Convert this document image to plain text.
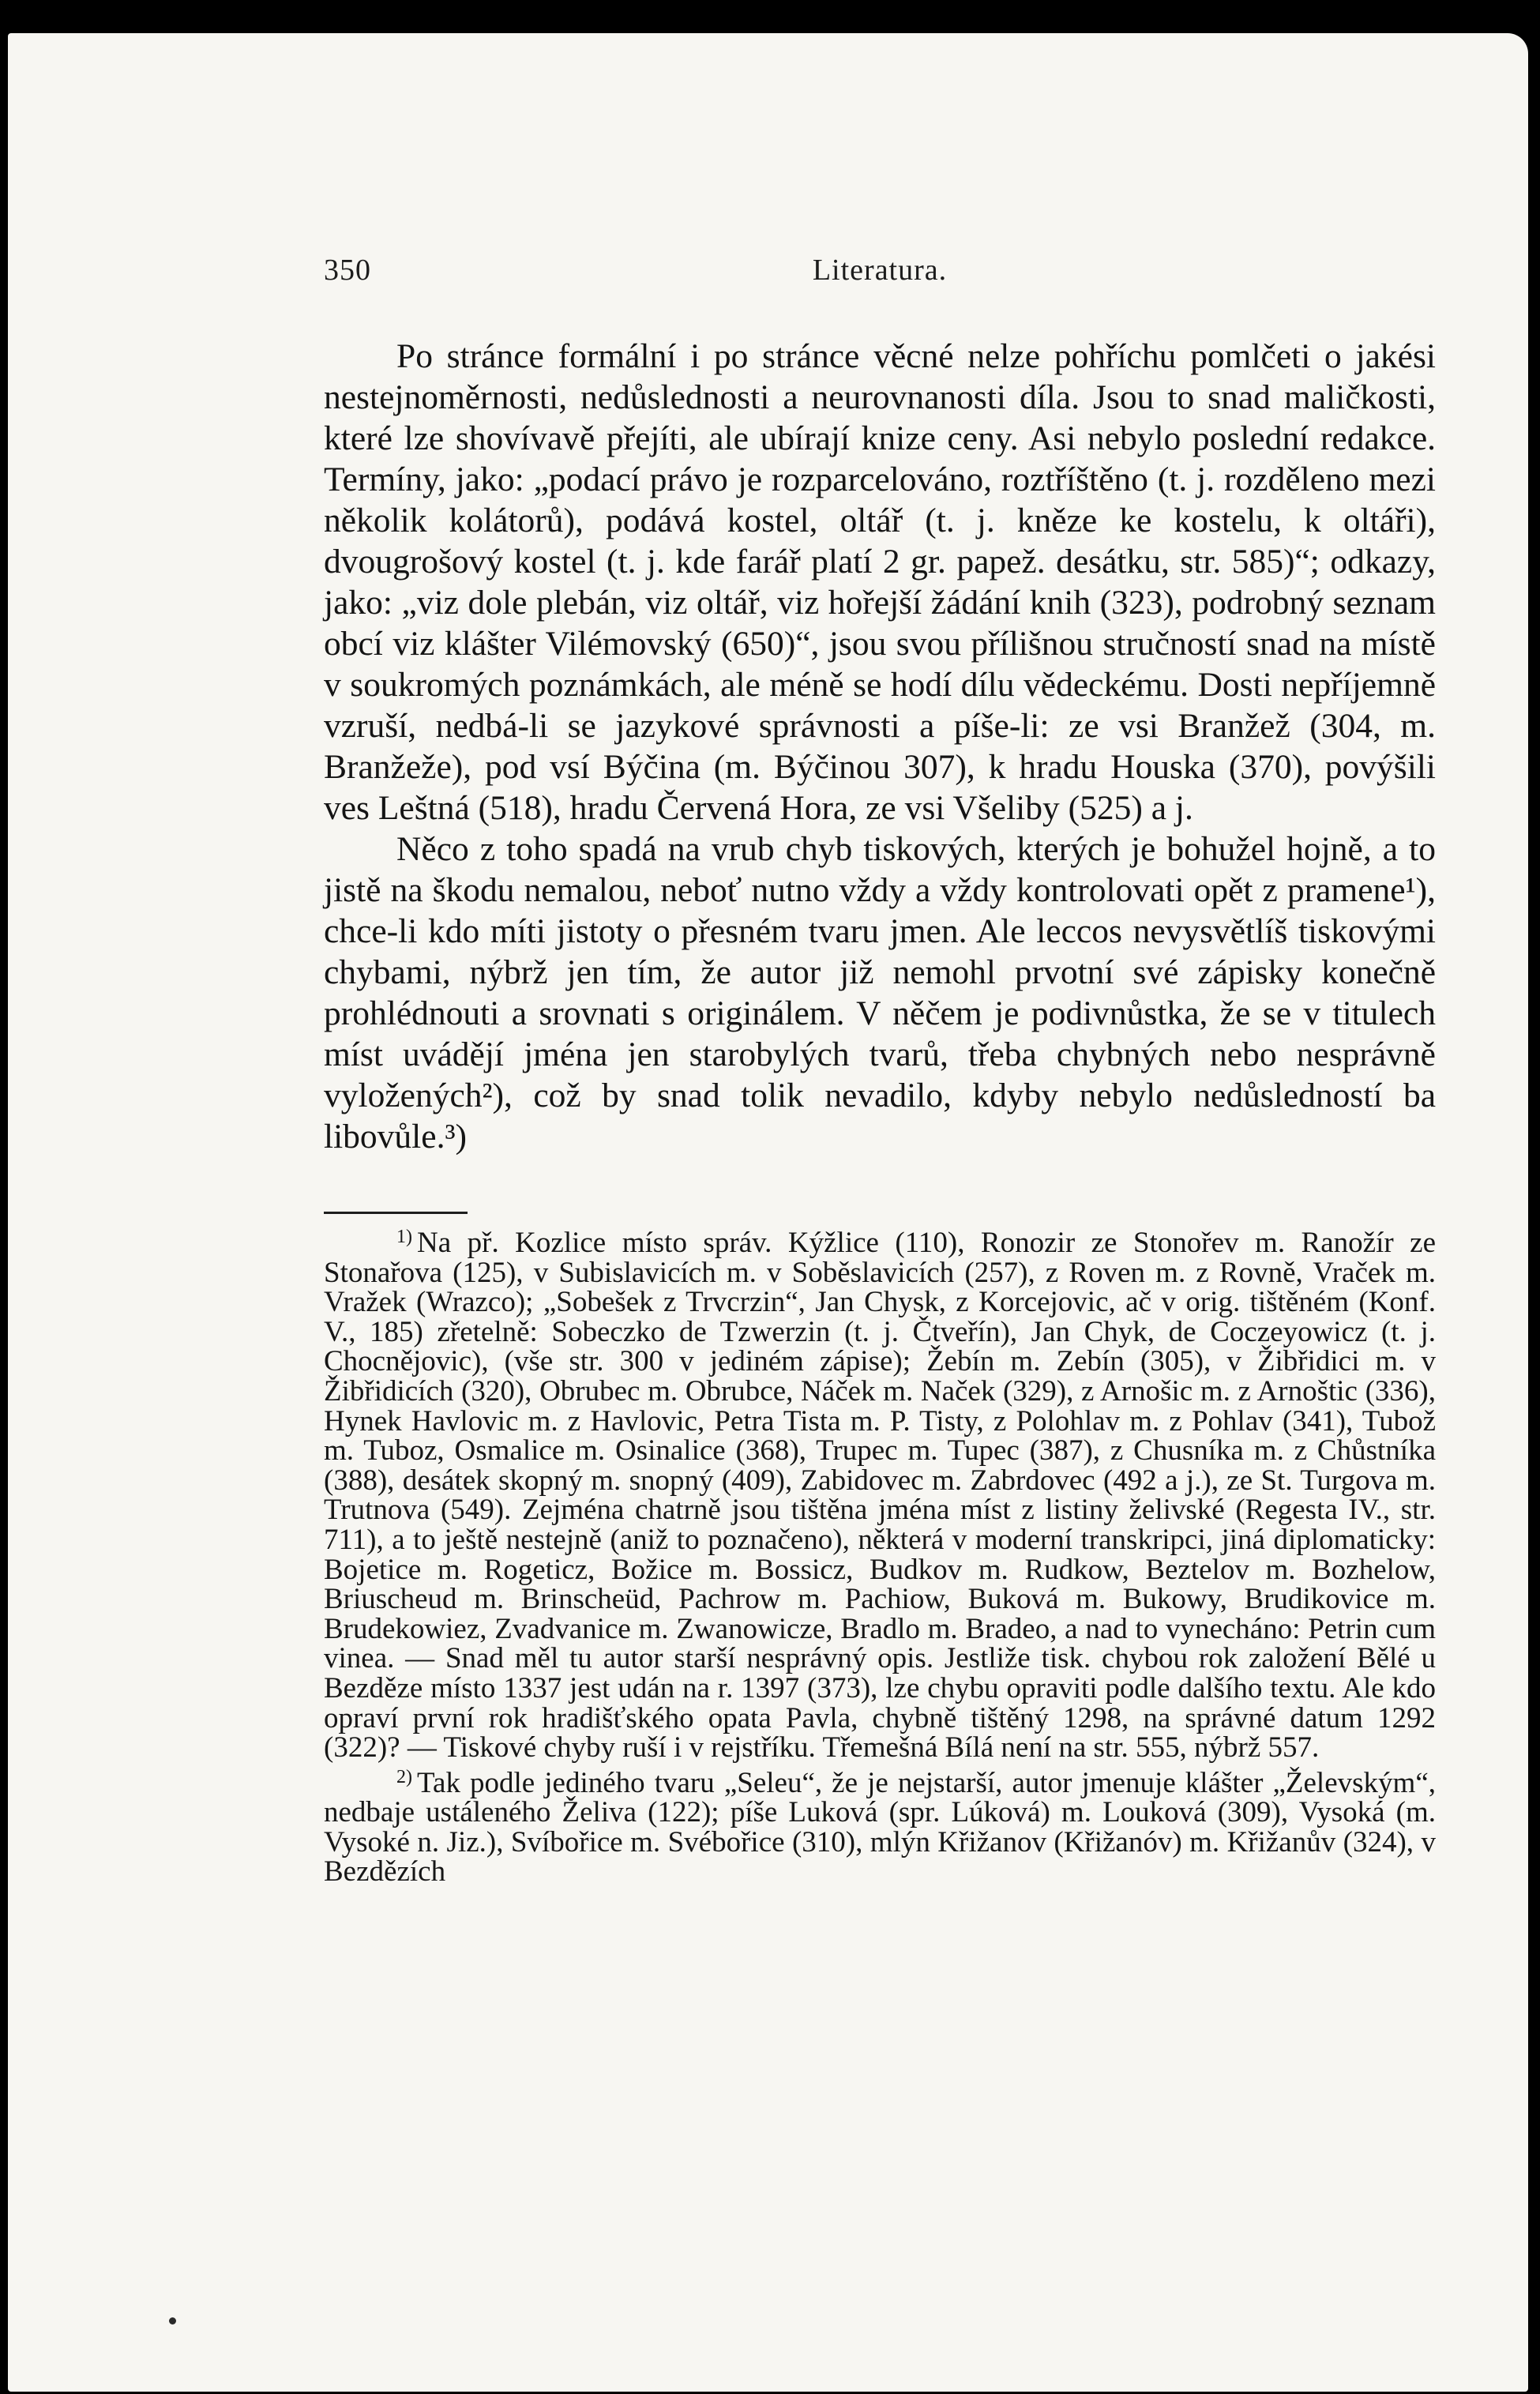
350	Literatura.

Po stránce formální i po stránce věcné nelze pohříchu pomlčeti o jakési nestejnoměrnosti, nedůslednosti a neurovnanosti díla. Jsou to snad maličkosti, které lze shovívavě přejíti, ale ubírají knize ceny. Asi nebylo poslední redakce. Termíny, jako: „podací právo je rozparcelováno, roztříštěno (t. j. rozděleno mezi několik kolátorů), podává kostel, oltář (t. j. kněze ke kostelu, k oltáři), dvougrošový kostel (t. j. kde farář platí 2 gr. papež. desátku, str. 585)“; odkazy, jako: „viz dole plebán, viz oltář, viz hořejší žádání knih (323), podrobný seznam obcí viz klášter Vilémovský (650)“, jsou svou přílišnou stručností snad na místě v soukromých poznámkách, ale méně se hodí dílu vědeckému. Dosti nepříjemně vzruší, nedbá-li se jazykové správnosti a píše-li: ze vsi Branžež (304, m. Branžeže), pod vsí Býčina (m. Býčinou 307), k hradu Houska (370), povýšili ves Leštná (518), hradu Červená Hora, ze vsi Všeliby (525) a j.

Něco z toho spadá na vrub chyb tiskových, kterých je bohužel hojně, a to jistě na škodu nemalou, neboť nutno vždy a vždy kontrolovati opět z pramene¹), chce-li kdo míti jistoty o přesném tvaru jmen. Ale leccos nevysvětlíš tiskovými chybami, nýbrž jen tím, že autor již nemohl prvotní své zápisky konečně prohlédnouti a srovnati s originálem. V něčem je podivnůstka, že se v titulech míst uvádějí jména jen starobylých tvarů, třeba chybných nebo nesprávně vyložených²), což by snad tolik nevadilo, kdyby nebylo nedůsledností ba libovůle.³)

$^{1)}$ Na př. Kozlice místo správ. Kýžlice (110), Ronozir ze Stonořev m. Ranožír ze Stonařova (125), v Subislavicích m. v Soběslavicích (257), z Roven m. z Rovně, Vraček m. Vražek (Wrazco); „Sobešek z Trvcrzin“, Jan Chysk, z Korcejovic, ač v orig. tištěném (Konf. V., 185) zřetelně: Sobeczko de Tzwerzin (t. j. Čtveřín), Jan Chyk, de Coczeyowicz (t. j. Chocnějovic), (vše str. 300 v jediném zápise); Žebín m. Zebín (305), v Žibřidici m. v Žibřidicích (320), Obrubec m. Obrubce, Náček m. Naček (329), z Arnošic m. z Arnoštic (336), Hynek Havlovic m. z Havlovic, Petra Tista m. P. Tisty, z Polohlav m. z Pohlav (341), Tubož m. Tuboz, Osmalice m. Osinalice (368), Trupec m. Tupec (387), z Chusníka m. z Chůstníka (388), desátek skopný m. snopný (409), Zabidovec m. Zabrdovec (492 a j.), ze St. Turgova m. Trutnova (549). Zejména chatrně jsou tištěna jména míst z listiny želivské (Regesta IV., str. 711), a to ještě nestejně (aniž to poznačeno), některá v moderní transkripci, jiná diplomaticky: Bojetice m. Rogeticz, Božice m. Bossicz, Budkov m. Rudkow, Beztelov m. Bozhelow, Briuscheud m. Brinscheüd, Pachrow m. Pachiow, Buková m. Bukowy, Brudikovice m. Brudekowiez, Zvadvanice m. Zwanowicze, Bradlo m. Bradeo, a nad to vynecháno: Petrin cum vinea. — Snad měl tu autor starší nesprávný opis. Jestliže tisk. chybou rok založení Bělé u Bezděze místo 1337 jest udán na r. 1397 (373), lze chybu opraviti podle dalšího textu. Ale kdo opraví první rok hradišťského opata Pavla, chybně tištěný 1298, na správné datum 1292 (322)? — Tiskové chyby ruší i v rejstříku. Třemešná Bílá není na str. 555, nýbrž 557.

$^{2)}$ Tak podle jediného tvaru „Seleu“, že je nejstarší, autor jmenuje klášter „Želevským“, nedbaje ustáleného Želiva (122); píše Luková (spr. Lúková) m. Louková (309), Vysoká (m. Vysoké n. Jiz.), Svíbořice m. Svébořice (310), mlýn Křižanov (Křižanóv) m. Křižanův (324), v Bezdězích
